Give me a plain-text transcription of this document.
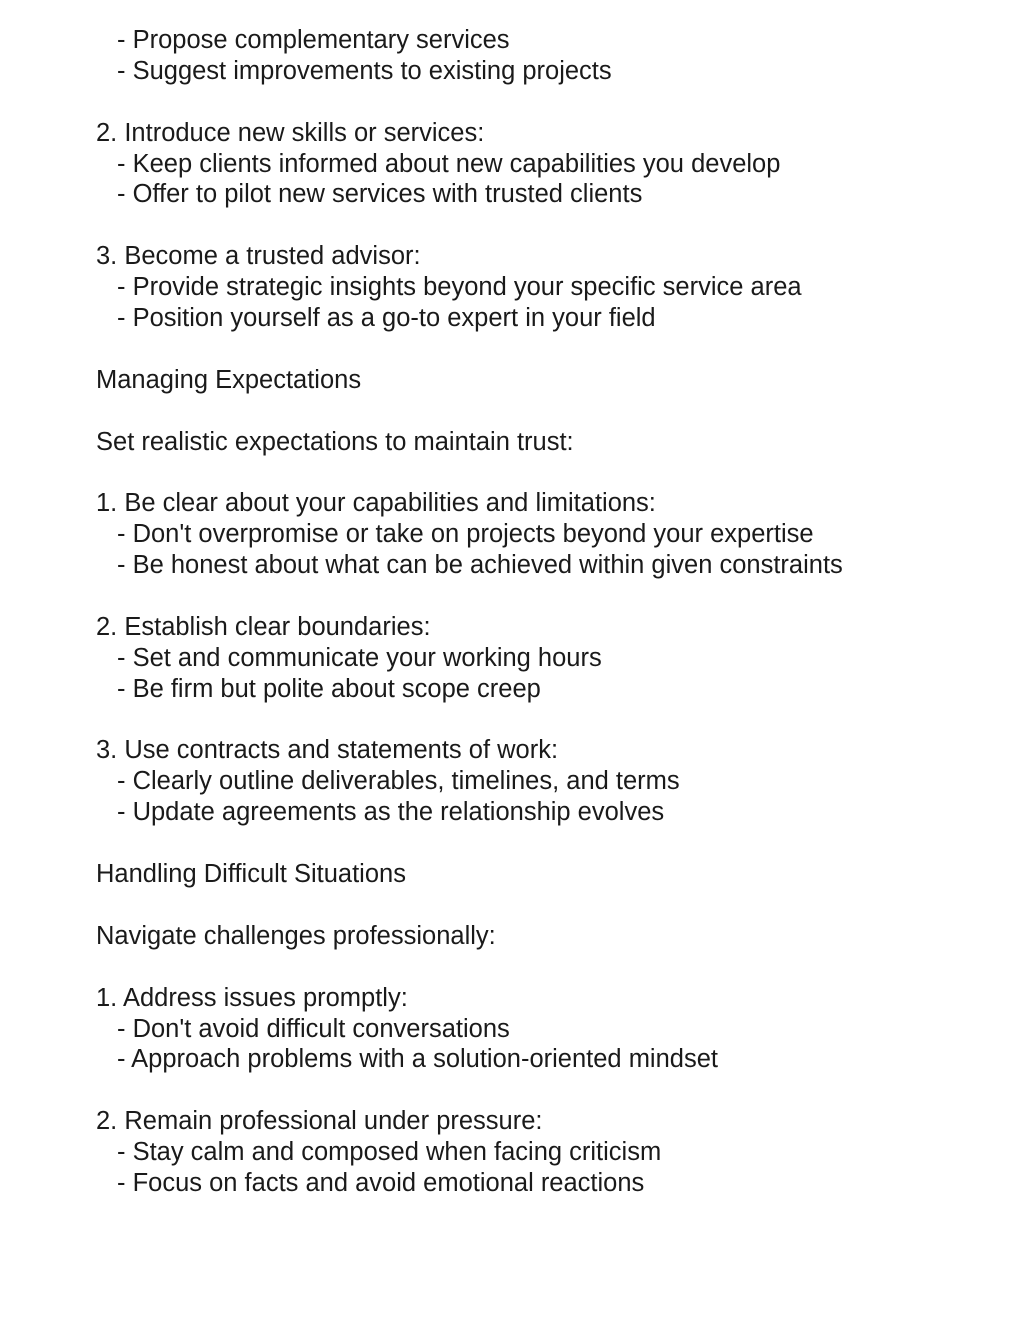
- Propose complementary services
- Suggest improvements to existing projects
2. Introduce new skills or services:
- Keep clients informed about new capabilities you develop
- Offer to pilot new services with trusted clients
3. Become a trusted advisor:
- Provide strategic insights beyond your specific service area
- Position yourself as a go-to expert in your field
Managing Expectations
Set realistic expectations to maintain trust:
1. Be clear about your capabilities and limitations:
- Don't overpromise or take on projects beyond your expertise
- Be honest about what can be achieved within given constraints
2. Establish clear boundaries:
- Set and communicate your working hours
- Be firm but polite about scope creep
3. Use contracts and statements of work:
- Clearly outline deliverables, timelines, and terms
- Update agreements as the relationship evolves
Handling Difficult Situations
Navigate challenges professionally:
1. Address issues promptly:
- Don't avoid difficult conversations
- Approach problems with a solution-oriented mindset
2. Remain professional under pressure:
- Stay calm and composed when facing criticism
- Focus on facts and avoid emotional reactions
